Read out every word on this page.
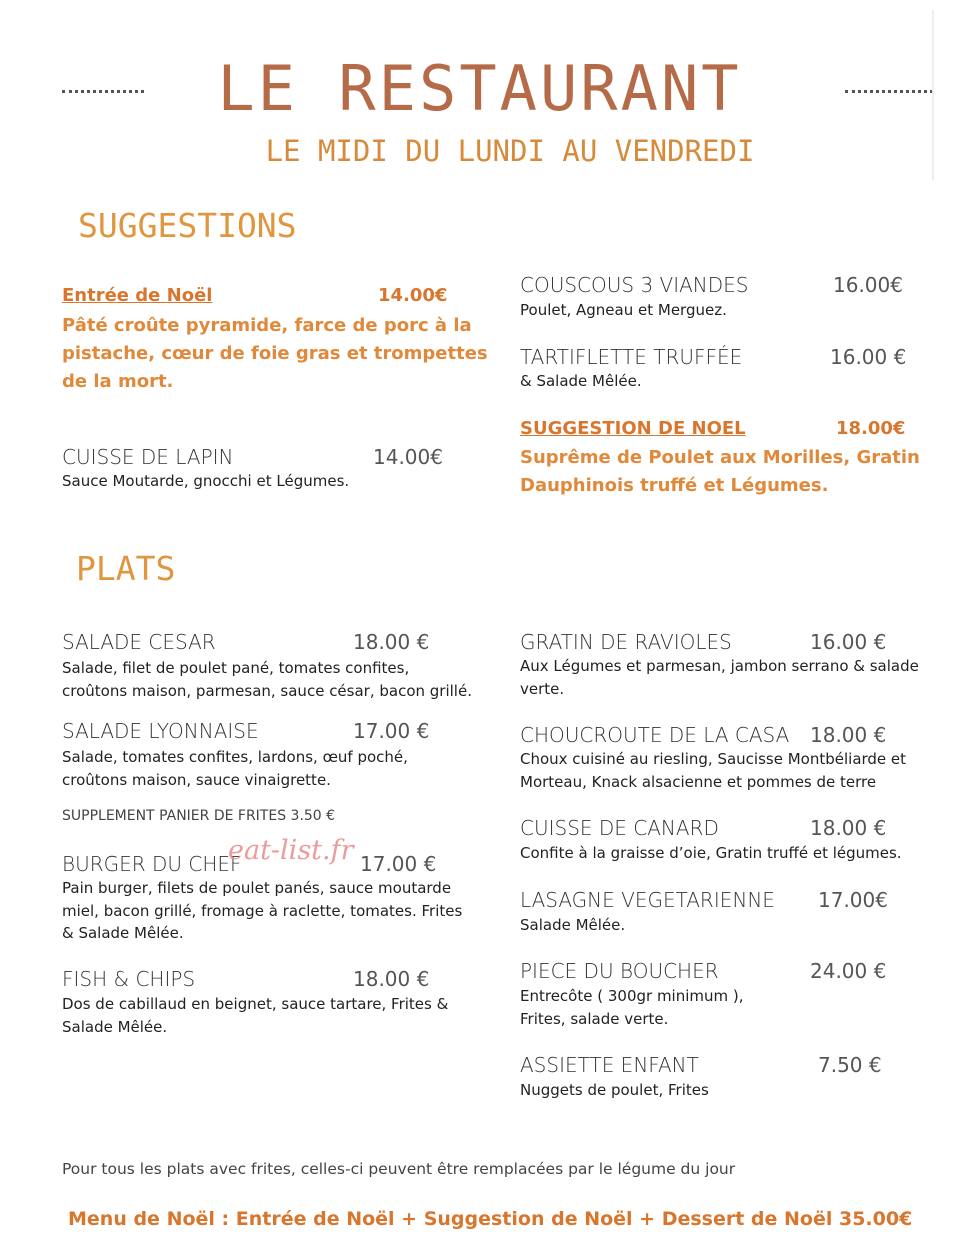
LE RESTAURANT
LE MIDI DU LUNDI AU VENDREDI
SUGGESTIONS
Entrée de Noël	14.00€
Pâté croûte pyramide, farce de porc à la
pistache, cœur de foie gras et trompettes
de la mort.
CUISSE DE LAPIN	14.00€
Sauce Moutarde, gnocchi et Légumes.
COUSCOUS 3 VIANDES	16.00€
Poulet, Agneau et Merguez.
TARTIFLETTE TRUFFÉE	16.00 €
& Salade Mêlée.
SUGGESTION DE NOEL	18.00€
Suprême de Poulet aux Morilles, Gratin
Dauphinois truffé et Légumes.
PLATS
SALADE CESAR	18.00 €
Salade, filet de poulet pané, tomates confites,
croûtons maison, parmesan, sauce césar, bacon grillé.
SALADE LYONNAISE	17.00 €
Salade, tomates confites, lardons, œuf poché,
croûtons maison, sauce vinaigrette.
SUPPLEMENT PANIER DE FRITES 3.50 €
BURGER DU CHEF
eat-list.fr 17.00 €
Pain burger, filets de poulet panés, sauce moutarde
miel, bacon grillé, fromage à raclette, tomates. Frites
& Salade Mêlée.
FISH & CHIPS	18.00 €
Dos de cabillaud en beignet, sauce tartare, Frites &
Salade Mêlée.
GRATIN DE RAVIOLES	16.00 €
Aux Légumes et parmesan, jambon serrano & salade
verte.
CHOUCROUTE DE LA CASA 18.00 €
Choux cuisiné au riesling, Saucisse Montbéliarde et
Morteau, Knack alsacienne et pommes de terre
CUISSE DE CANARD	18.00 €
Confite à la graisse d’oie, Gratin truffé et légumes.
LASAGNE VEGETARIENNE 17.00€
Salade Mêlée.
PIECE DU BOUCHER	24.00 €
Entrecôte ( 300gr minimum ),
Frites, salade verte.
ASSIETTE ENFANT	7.50 €
Nuggets de poulet, Frites
Pour tous les plats avec frites, celles-ci peuvent être remplacées par le légume du jour
Menu de Noël : Entrée de Noël + Suggestion de Noël + Dessert de Noël 35.00€
